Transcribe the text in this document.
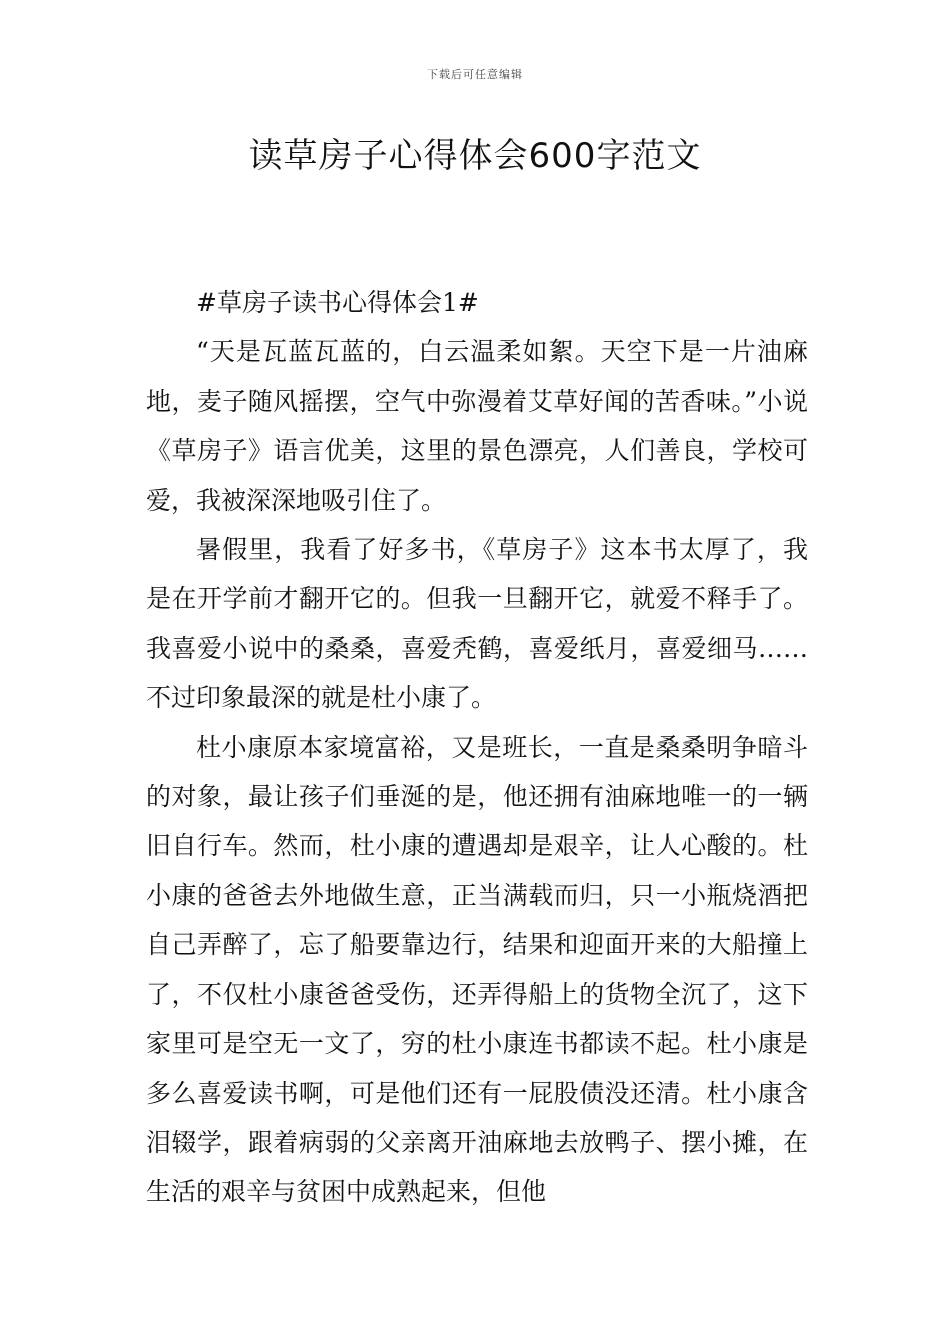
下载后可任意编辑
读草房子心得体会600字范文

#草房子读书心得体会1#

“天是瓦蓝瓦蓝的，白云温柔如絮。天空下是一片油麻地，麦子随风摇摆，空气中弥漫着艾草好闻的苦香味。”小说《草房子》语言优美，这里的景色漂亮，人们善良，学校可爱，我被深深地吸引住了。

暑假里，我看了好多书，《草房子》这本书太厚了，我是在开学前才翻开它的。但我一旦翻开它，就爱不释手了。我喜爱小说中的桑桑，喜爱秃鹤，喜爱纸月，喜爱细马……不过印象最深的就是杜小康了。

杜小康原本家境富裕，又是班长，一直是桑桑明争暗斗的对象，最让孩子们垂涎的是，他还拥有油麻地唯一的一辆旧自行车。然而，杜小康的遭遇却是艰辛，让人心酸的。杜小康的爸爸去外地做生意，正当满载而归，只一小瓶烧酒把自己弄醉了，忘了船要靠边行，结果和迎面开来的大船撞上了，不仅杜小康爸爸受伤，还弄得船上的货物全沉了，这下家里可是空无一文了，穷的杜小康连书都读不起。杜小康是多么喜爱读书啊，可是他们还有一屁股债没还清。杜小康含泪辍学，跟着病弱的父亲离开油麻地去放鸭子、摆小摊，在生活的艰辛与贫困中成熟起来，但他
